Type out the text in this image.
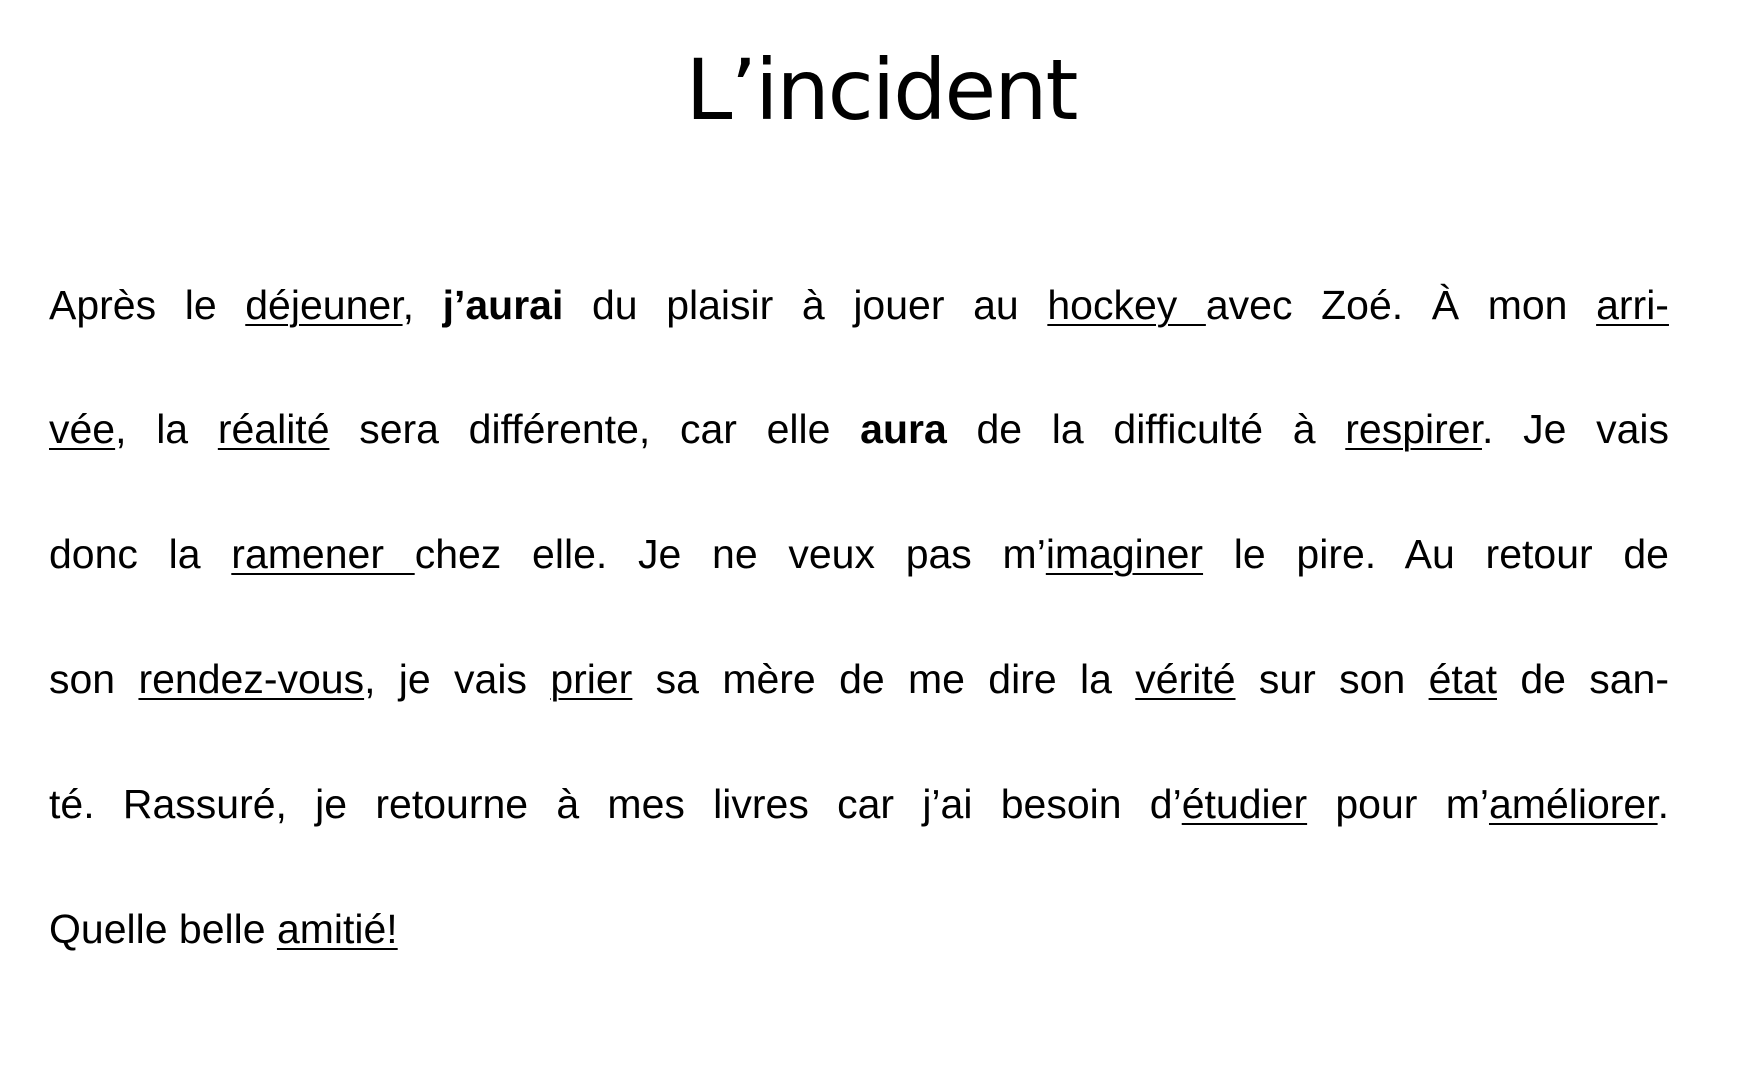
L’incident
Après le déjeuner, j’aurai du plaisir à jouer au hockey avec Zoé. À mon arri-
vée, la réalité sera différente, car elle aura de la difficulté à respirer. Je vais
donc la ramener chez elle. Je ne veux pas m’imaginer le pire. Au retour de
son rendez-vous, je vais prier sa mère de me dire la vérité sur son état de san-
té. Rassuré, je retourne à mes livres car j’ai besoin d’étudier pour m’améliorer.
Quelle belle amitié!
